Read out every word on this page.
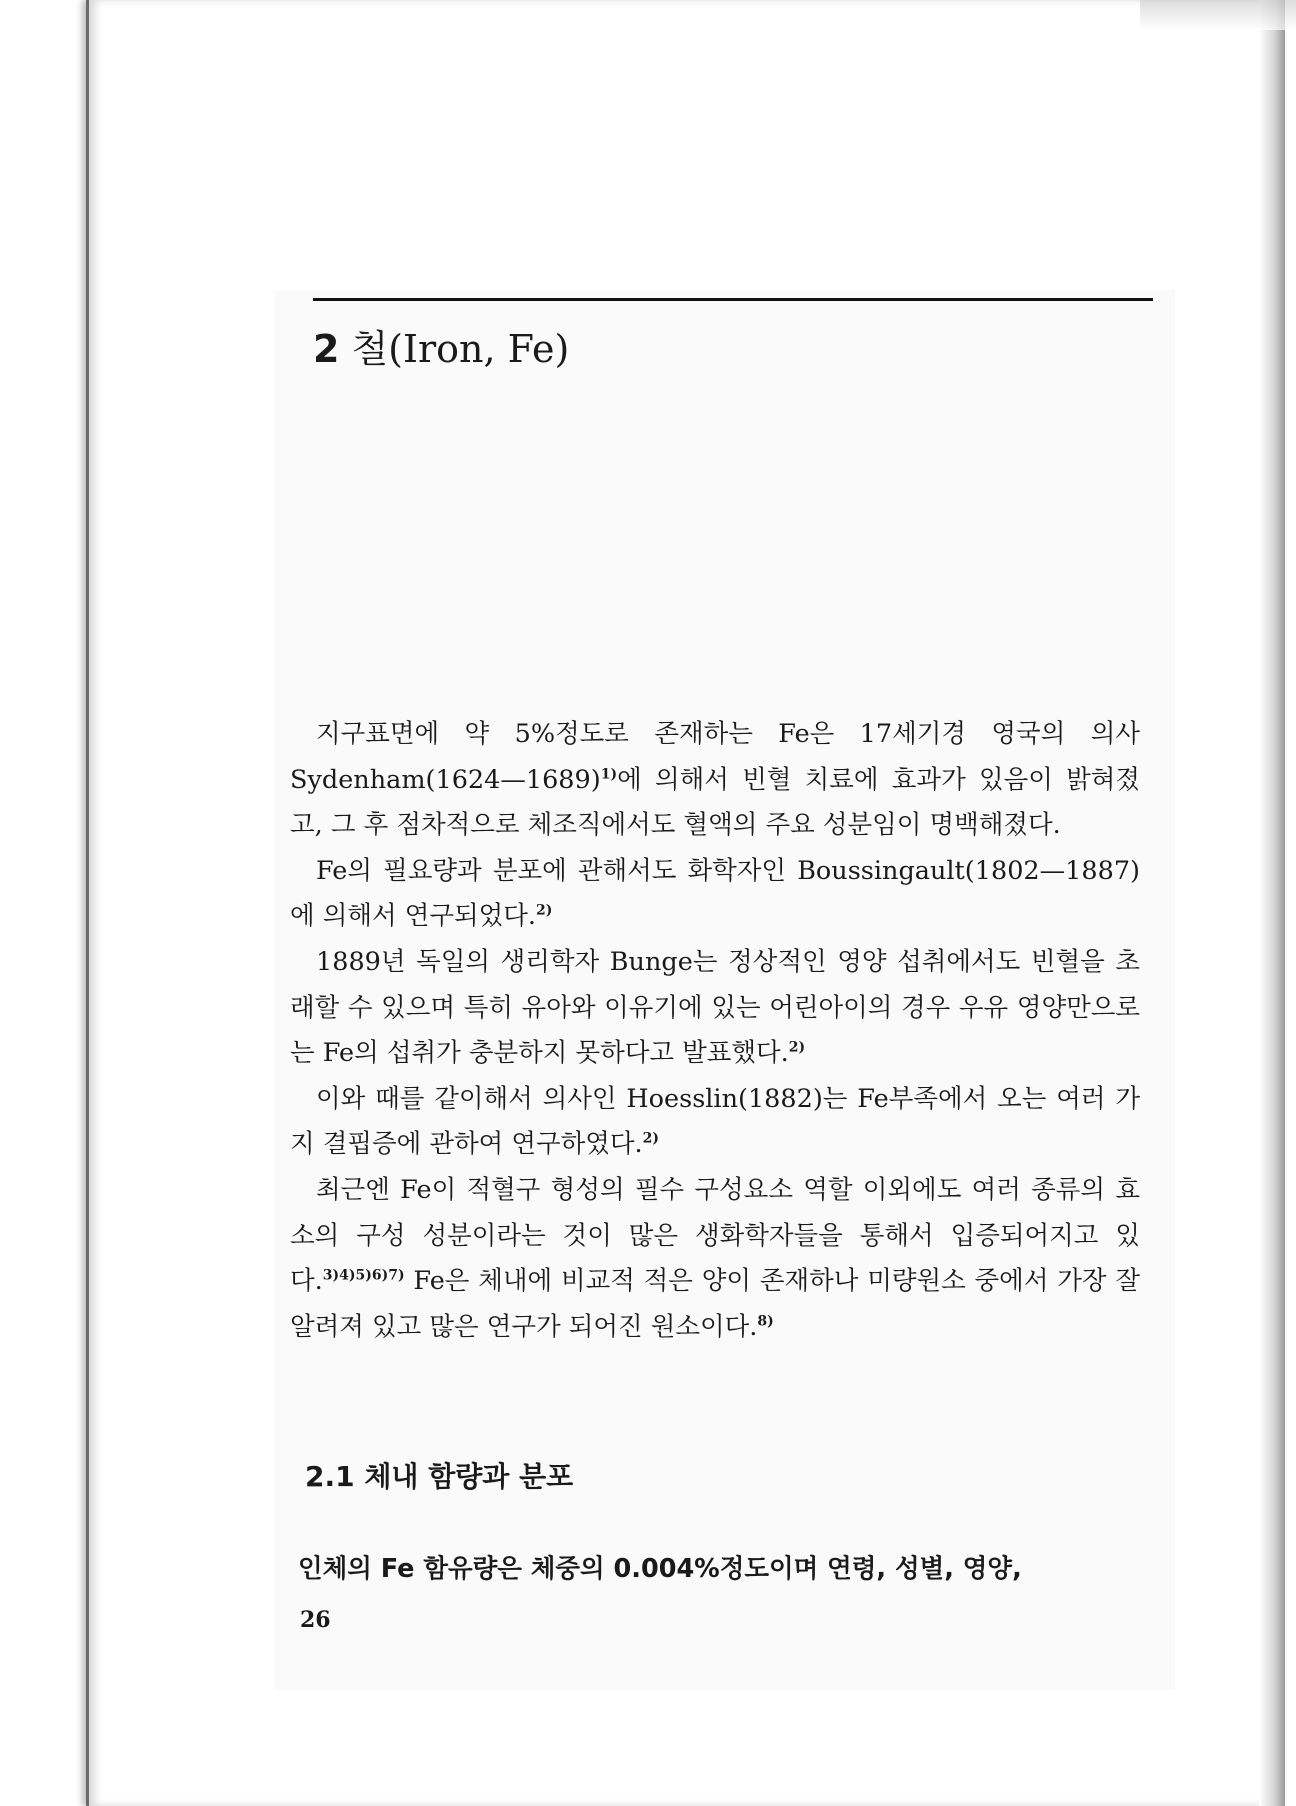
2 철(Iron, Fe)

지구표면에 약 5%정도로 존재하는 Fe은 17세기경 영국의 의사 Sydenham(1624—1689)$^{1)}$에 의해서 빈혈 치료에 효과가 있음이 밝혀졌고, 그 후 점차적으로 체조직에서도 혈액의 주요 성분임이 명백해졌다.

Fe의 필요량과 분포에 관해서도 화학자인 Boussingault(1802—1887)에 의해서 연구되었다.$^{2)}$

1889년 독일의 생리학자 Bunge는 정상적인 영양 섭취에서도 빈혈을 초래할 수 있으며 특히 유아와 이유기에 있는 어린아이의 경우 우유 영양만으로는 Fe의 섭취가 충분하지 못하다고 발표했다.$^{2)}$

이와 때를 같이해서 의사인 Hoesslin(1882)는 Fe부족에서 오는 여러 가지 결핍증에 관하여 연구하였다.$^{2)}$

최근엔 Fe이 적혈구 형성의 필수 구성요소 역할 이외에도 여러 종류의 효소의 구성 성분이라는 것이 많은 생화학자들을 통해서 입증되어지고 있다.$^{3)4)5)6)7)}$ Fe은 체내에 비교적 적은 양이 존재하나 미량원소 중에서 가장 잘 알려져 있고 많은 연구가 되어진 원소이다.$^{8)}$

2.1 체내 함량과 분포

인체의 Fe 함유량은 체중의 0.004%정도이며 연령, 성별, 영양,

26
